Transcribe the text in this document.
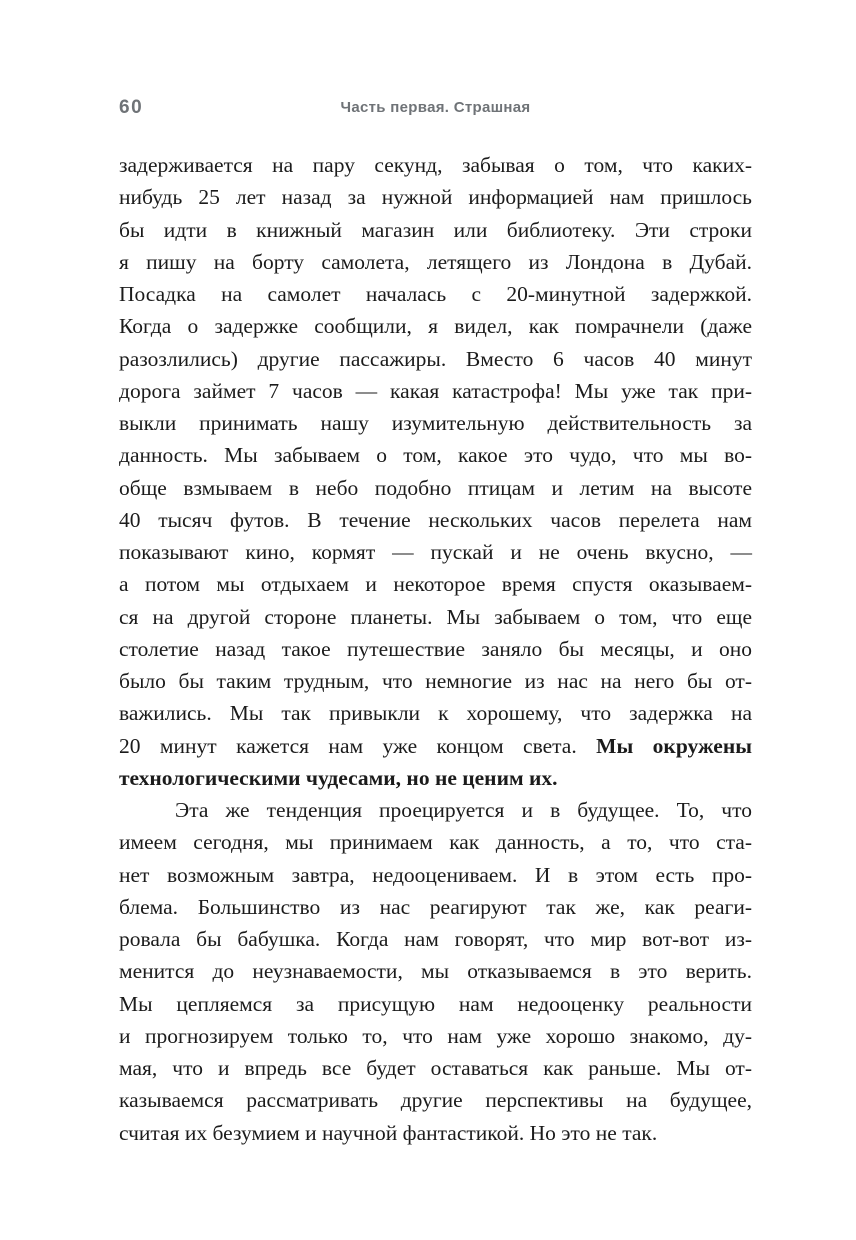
60	Часть первая. Страшная
задерживается на пару секунд, забывая о том, что каких-
нибудь 25 лет назад за нужной информацией нам пришлось
бы идти в книжный магазин или библиотеку. Эти строки
я пишу на борту самолета, летящего из Лондона в Дубай.
Посадка на самолет началась с 20-минутной задержкой.
Когда о задержке сообщили, я видел, как помрачнели (даже
разозлились) другие пассажиры. Вместо 6 часов 40 минут
дорога займет 7 часов — какая катастрофа! Мы уже так при-
выкли принимать нашу изумительную действительность за
данность. Мы забываем о том, какое это чудо, что мы во-
обще взмываем в небо подобно птицам и летим на высоте
40 тысяч футов. В течение нескольких часов перелета нам
показывают кино, кормят — пускай и не очень вкусно, —
а потом мы отдыхаем и некоторое время спустя оказываем-
ся на другой стороне планеты. Мы забываем о том, что еще
столетие назад такое путешествие заняло бы месяцы, и оно
было бы таким трудным, что немногие из нас на него бы от-
важились. Мы так привыкли к хорошему, что задержка на
20 минут кажется нам уже концом света. Мы окружены
технологическими чудесами, но не ценим их.
Эта же тенденция проецируется и в будущее. То, что
имеем сегодня, мы принимаем как данность, а то, что ста-
нет возможным завтра, недооцениваем. И в этом есть про-
блема. Большинство из нас реагируют так же, как реаги-
ровала бы бабушка. Когда нам говорят, что мир вот-вот из-
менится до неузнаваемости, мы отказываемся в это верить.
Мы цепляемся за присущую нам недооценку реальности
и прогнозируем только то, что нам уже хорошо знакомо, ду-
мая, что и впредь все будет оставаться как раньше. Мы от-
казываемся рассматривать другие перспективы на будущее,
считая их безумием и научной фантастикой. Но это не так.
